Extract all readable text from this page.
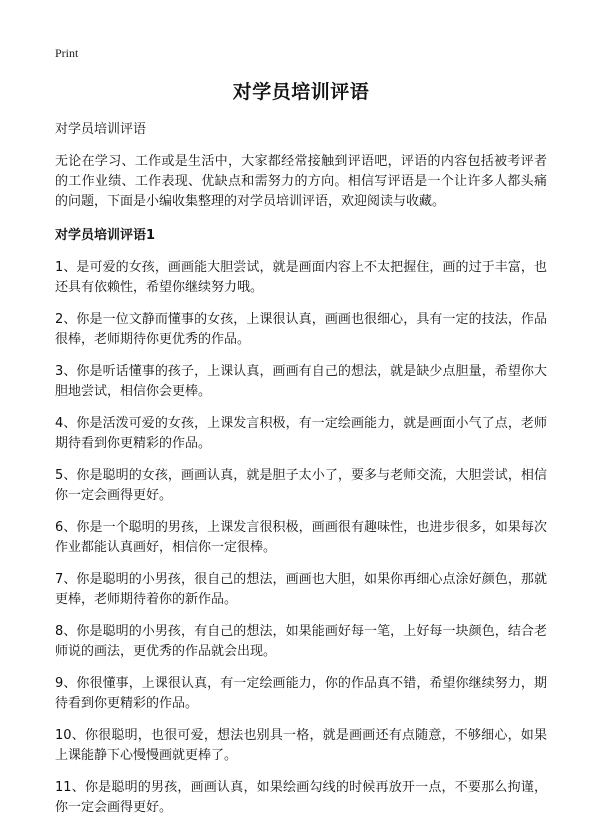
Print
对学员培训评语
对学员培训评语
无论在学习、工作或是生活中，大家都经常接触到评语吧，评语的内容包括被考评者的工作业绩、工作表现、优缺点和需努力的方向。相信写评语是一个让许多人都头痛的问题，下面是小编收集整理的对学员培训评语，欢迎阅读与收藏。
对学员培训评语1
1、是可爱的女孩，画画能大胆尝试，就是画面内容上不太把握住，画的过于丰富，也还具有依赖性，希望你继续努力哦。
2、你是一位文静而懂事的女孩，上课很认真，画画也很细心，具有一定的技法，作品很棒，老师期待你更优秀的作品。
3、你是听话懂事的孩子，上课认真，画画有自己的想法，就是缺少点胆量，希望你大胆地尝试，相信你会更棒。
4、你是活泼可爱的女孩，上课发言积极，有一定绘画能力，就是画面小气了点，老师期待看到你更精彩的作品。
5、你是聪明的女孩，画画认真，就是胆子太小了，要多与老师交流，大胆尝试，相信你一定会画得更好。
6、你是一个聪明的男孩，上课发言很积极，画画很有趣味性，也进步很多，如果每次作业都能认真画好，相信你一定很棒。
7、你是聪明的小男孩，很自己的想法，画画也大胆，如果你再细心点涂好颜色，那就更棒，老师期待着你的新作品。
8、你是聪明的小男孩，有自己的想法，如果能画好每一笔，上好每一块颜色，结合老师说的画法，更优秀的作品就会出现。
9、你很懂事，上课很认真，有一定绘画能力，你的作品真不错，希望你继续努力，期待看到你更精彩的作品。
10、你很聪明，也很可爱，想法也别具一格，就是画画还有点随意，不够细心，如果上课能静下心慢慢画就更棒了。
11、你是聪明的男孩，画画认真，如果绘画勾线的时候再放开一点，不要那么拘谨，你一定会画得更好。
